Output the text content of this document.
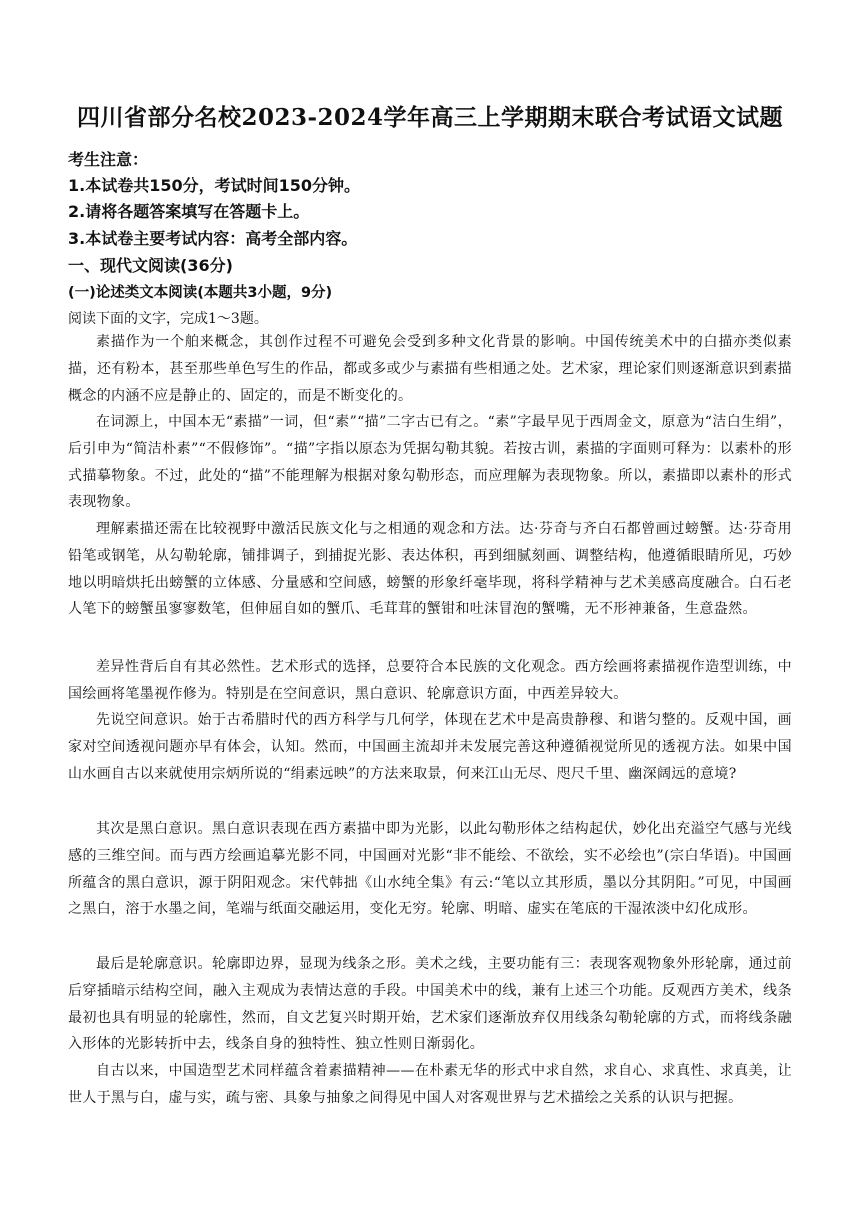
四川省部分名校2023-2024学年高三上学期期末联合考试语文试题
考生注意：
1.本试卷共150分，考试时间150分钟。
2.请将各题答案填写在答题卡上。
3.本试卷主要考试内容：高考全部内容。
一、现代文阅读(36分)
(一)论述类文本阅读(本题共3小题，9分)
阅读下面的文字，完成1～3题。

素描作为一个舶来概念，其创作过程不可避免会受到多种文化背景的影响。中国传统美术中的白描亦类似素描，还有粉本，甚至那些单色写生的作品，都或多或少与素描有些相通之处。艺术家，理论家们则逐渐意识到素描概念的内涵不应是静止的、固定的，而是不断变化的。

在词源上，中国本无“素描”一词，但“素”“描”二字古已有之。“素”字最早见于西周金文，原意为“洁白生绢”，后引申为“简洁朴素”“不假修饰”。“描”字指以原态为凭据勾勒其貌。若按古训，素描的字面则可释为：以素朴的形式描摹物象。不过，此处的“描”不能理解为根据对象勾勒形态，而应理解为表现物象。所以，素描即以素朴的形式表现物象。

理解素描还需在比较视野中激活民族文化与之相通的观念和方法。达·芬奇与齐白石都曾画过螃蟹。达·芬奇用铅笔或钢笔，从勾勒轮廓，铺排调子，到捕捉光影、表达体积，再到细腻刻画、调整结构，他遵循眼睛所见，巧妙地以明暗烘托出螃蟹的立体感、分量感和空间感，螃蟹的形象纤毫毕现，将科学精神与艺术美感高度融合。白石老人笔下的螃蟹虽寥寥数笔，但伸屈自如的蟹爪、毛茸茸的蟹钳和吐沫冒泡的蟹嘴，无不形神兼备，生意盎然。

差异性背后自有其必然性。艺术形式的选择，总要符合本民族的文化观念。西方绘画将素描视作造型训练，中国绘画将笔墨视作修为。特别是在空间意识，黑白意识、轮廓意识方面，中西差异较大。

先说空间意识。始于古希腊时代的西方科学与几何学，体现在艺术中是高贵静穆、和谐匀整的。反观中国，画家对空间透视问题亦早有体会，认知。然而，中国画主流却并未发展完善这种遵循视觉所见的透视方法。如果中国山水画自古以来就使用宗炳所说的“绢素远映”的方法来取景，何来江山无尽、咫尺千里、幽深阔远的意境?

其次是黑白意识。黑白意识表现在西方素描中即为光影，以此勾勒形体之结构起伏，妙化出充溢空气感与光线感的三维空间。而与西方绘画追摹光影不同，中国画对光影“非不能绘、不欲绘，实不必绘也”(宗白华语)。中国画所蕴含的黑白意识，源于阴阳观念。宋代韩拙《山水纯全集》有云:“笔以立其形质，墨以分其阴阳。”可见，中国画之黑白，溶于水墨之间，笔端与纸面交融运用，变化无穷。轮廓、明暗、虚实在笔底的干湿浓淡中幻化成形。

最后是轮廓意识。轮廓即边界，显现为线条之形。美术之线，主要功能有三：表现客观物象外形轮廓，通过前后穿插暗示结构空间，融入主观成为表情达意的手段。中国美术中的线，兼有上述三个功能。反观西方美术，线条最初也具有明显的轮廓性，然而，自文艺复兴时期开始，艺术家们逐渐放弃仅用线条勾勒轮廓的方式，而将线条融入形体的光影转折中去，线条自身的独特性、独立性则日渐弱化。

自古以来，中国造型艺术同样蕴含着素描精神——在朴素无华的形式中求自然，求自心、求真性、求真美，让世人于黑与白，虚与实，疏与密、具象与抽象之间得见中国人对客观世界与艺术描绘之关系的认识与把握。
